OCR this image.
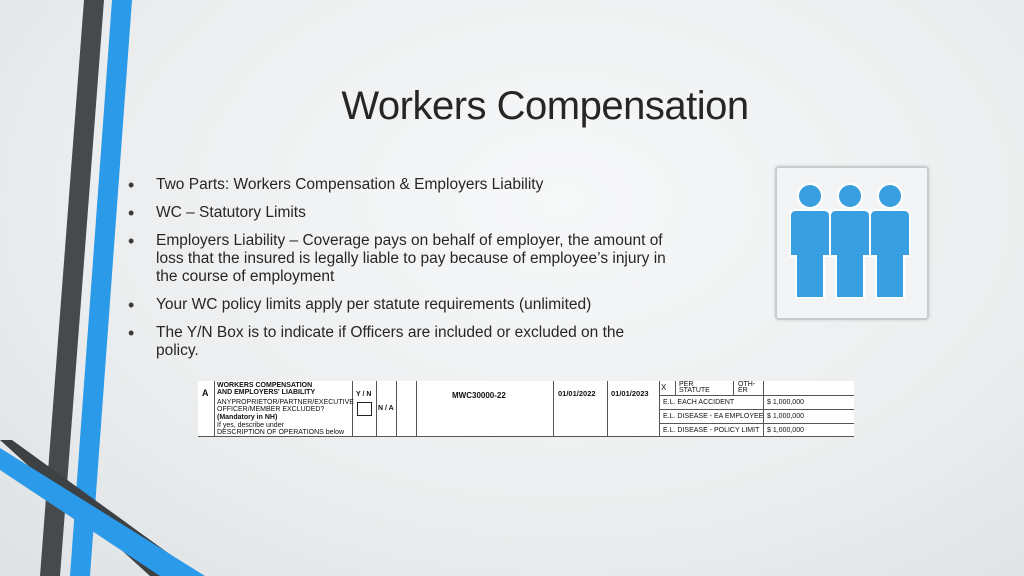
Workers Compensation
• Two Parts: Workers Compensation & Employers Liability
• WC – Statutory Limits
• Employers Liability – Coverage pays on behalf of employer, the amount of loss that the insured is legally liable to pay because of employee’s injury in the course of employment
• Your WC policy limits apply per statute requirements (unlimited)
• The Y/N Box is to indicate if Officers are included or excluded on the policy.
A
WORKERS COMPENSATION
AND EMPLOYERS' LIABILITY
ANYPROPRIETOR/PARTNER/EXECUTIVE
OFFICER/MEMBER EXCLUDED?
(Mandatory in NH)
If yes, describe under
DESCRIPTION OF OPERATIONS below
Y / N
N / A
MWC30000-22	01/01/2022 01/01/2023
X PER
STATUTE
OTH-
ER
E.L. EACH ACCIDENT	$ 1,000,000
E.L. DISEASE - EA EMPLOYEE $ 1,000,000
E.L. DISEASE - POLICY LIMIT $ 1,000,000
